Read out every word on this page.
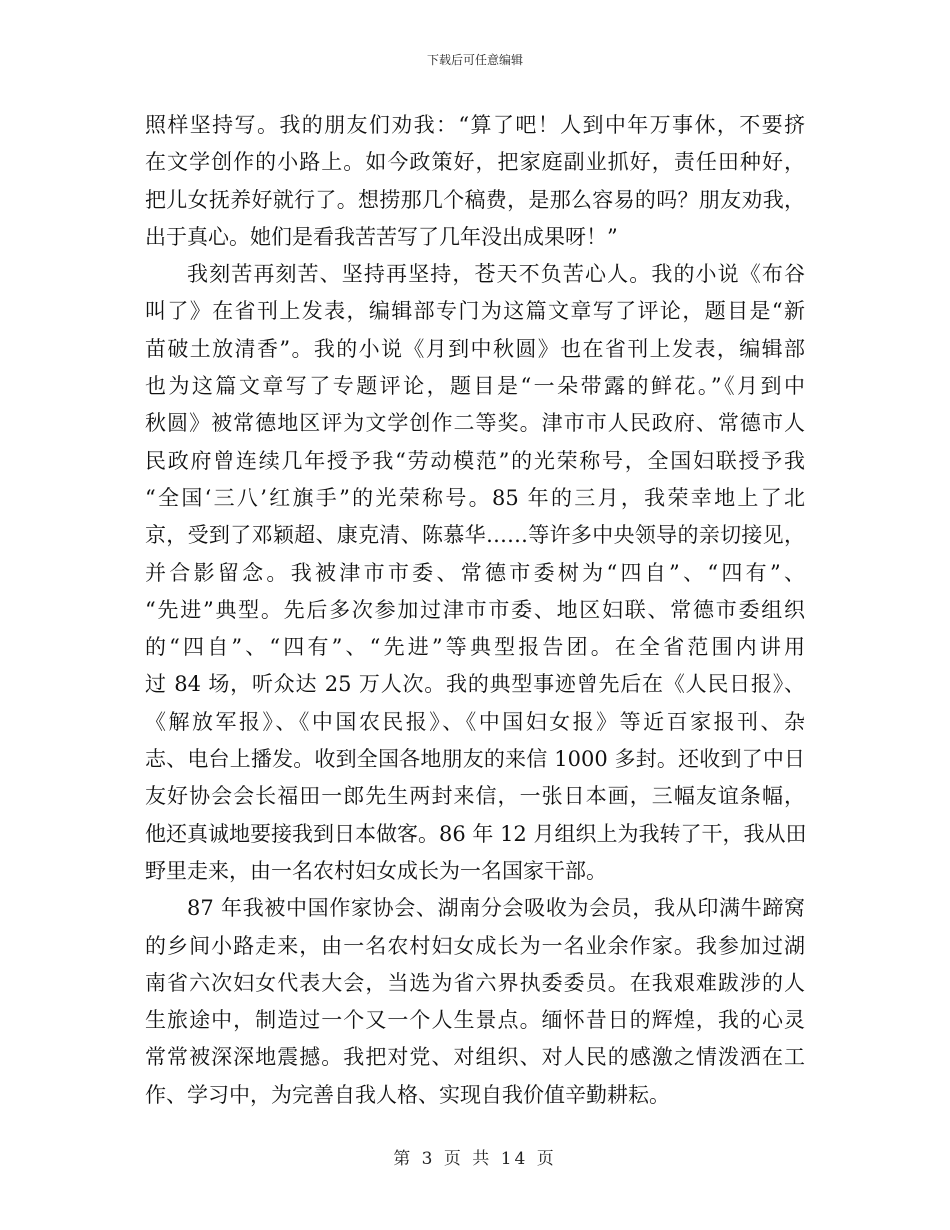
下载后可任意编辑
照样坚持写。我的朋友们劝我：“算了吧！人到中年万事休，不要挤
在文学创作的小路上。如今政策好，把家庭副业抓好，责任田种好，
把儿女抚养好就行了。想捞那几个稿费，是那么容易的吗？朋友劝我，
出于真心。她们是看我苦苦写了几年没出成果呀！”
我刻苦再刻苦、坚持再坚持，苍天不负苦心人。我的小说《布谷
叫了》在省刊上发表，编辑部专门为这篇文章写了评论，题目是“新
苗破土放清香”。我的小说《月到中秋圆》也在省刊上发表，编辑部
也为这篇文章写了专题评论，题目是“一朵带露的鲜花。”《月到中
秋圆》被常德地区评为文学创作二等奖。津市市人民政府、常德市人
民政府曾连续几年授予我“劳动模范”的光荣称号，全国妇联授予我
“全国‘三八’红旗手”的光荣称号。85 年的三月，我荣幸地上了北
京，受到了邓颖超、康克清、陈慕华……等许多中央领导的亲切接见，
并合影留念。我被津市市委、常德市委树为“四自”、“四有”、
“先进”典型。先后多次参加过津市市委、地区妇联、常德市委组织
的“四自”、“四有”、“先进”等典型报告团。在全省范围内讲用
过 84 场，听众达 25 万人次。我的典型事迹曾先后在《人民日报》、
《解放军报》、《中国农民报》、《中国妇女报》等近百家报刊、杂
志、电台上播发。收到全国各地朋友的来信 1000 多封。还收到了中日
友好协会会长福田一郎先生两封来信，一张日本画，三幅友谊条幅，
他还真诚地要接我到日本做客。86 年 12 月组织上为我转了干，我从田
野里走来，由一名农村妇女成长为一名国家干部。
87 年我被中国作家协会、湖南分会吸收为会员，我从印满牛蹄窝
的乡间小路走来，由一名农村妇女成长为一名业余作家。我参加过湖
南省六次妇女代表大会，当选为省六界执委委员。在我艰难跋涉的人
生旅途中，制造过一个又一个人生景点。缅怀昔日的辉煌，我的心灵
常常被深深地震撼。我把对党、对组织、对人民的感激之情泼洒在工
作、学习中，为完善自我人格、实现自我价值辛勤耕耘。
第 3 页 共 14 页
